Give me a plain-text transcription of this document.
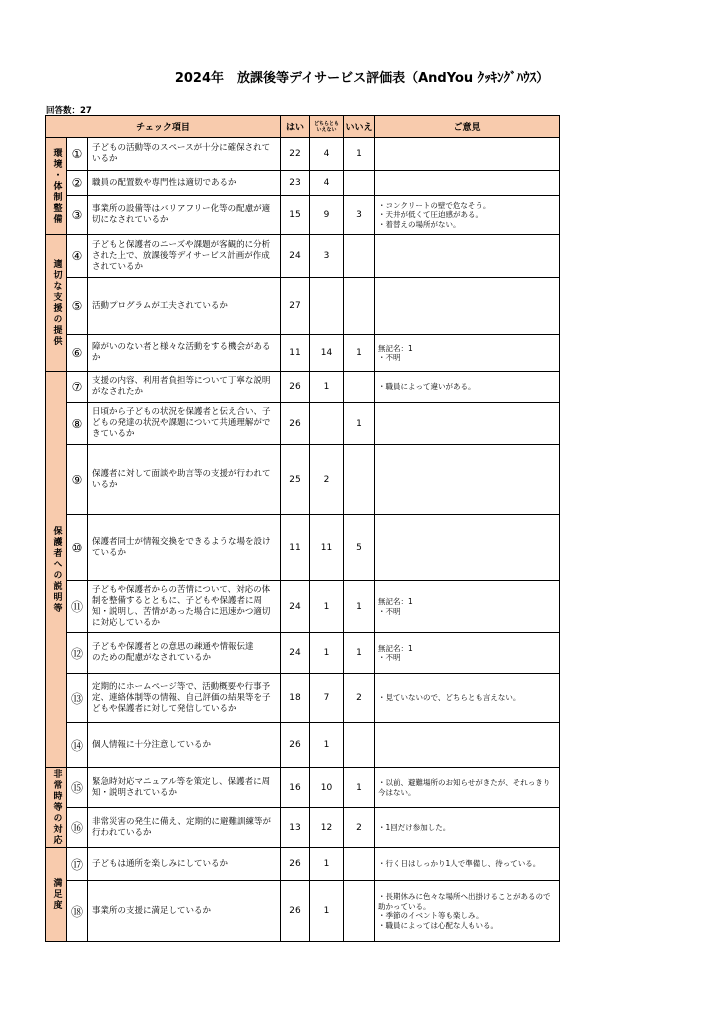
2024年　放課後等デイサービス評価表（AndYou ｸｯｷﾝｸﾞﾊｳｽ）
回答数：27
チェック項目			はい	どちらとも
いえない	いいえ	ご意見

環境・体制整備	①	子どもの活動等のスペースが十分に確保されているか	22	4	1	
	②	職員の配置数や専門性は適切であるか	23	4		
	③	事業所の設備等はバリアフリー化等の配慮が適切になされているか	15	9	3	・コンクリートの壁で危なそう。
・天井が低くて圧迫感がある。
・着替えの場所がない。

適切な支援の提供	④	子どもと保護者のニーズや課題が客観的に分析された上で、放課後等デイサービス計画が作成されているか	24	3		
	⑤	活動プログラムが工夫されているか	27			
	⑥	障がいのない者と様々な活動をする機会があるか	11	14	1	無記名：1
・不明

保護者への説明等	⑦	支援の内容、利用者負担等について丁寧な説明がなされたか	26	1		・職員によって違いがある。
	⑧	日頃から子どもの状況を保護者と伝え合い、子どもの発達の状況や課題について共通理解ができているか	26		1	
	⑨	保護者に対して面談や助言等の支援が行われているか	25	2		
	⑩	保護者同士が情報交換をできるような場を設けているか	11	11	5	
	⑪	子どもや保護者からの苦情について、対応の体制を整備するとともに、子どもや保護者に周知・説明し、苦情があった場合に迅速かつ適切に対応しているか	24	1	1	無記名：1
・不明
	⑫	子どもや保護者との意思の疎通や情報伝達
のための配慮がなされているか	24	1	1	無記名：1
・不明
	⑬	定期的にホームページ等で、活動概要や行事予定、連絡体制等の情報、自己評価の結果等を子どもや保護者に対して発信しているか	18	7	2	・見ていないので、どちらとも言えない。
	⑭	個人情報に十分注意しているか	26	1		

非常時等の対応	⑮	緊急時対応マニュアル等を策定し、保護者に周知・説明されているか	16	10	1	・以前、避難場所のお知らせがきたが、それっきり今はない。
	⑯	非常災害の発生に備え、定期的に避難訓練等が行われているか	13	12	2	・1回だけ参加した。

満足度	⑰	子どもは通所を楽しみにしているか	26	1		・行く日はしっかり1人で準備し、待っている。
	⑱	事業所の支援に満足しているか	26	1		・長期休みに色々な場所へ出掛けることがあるので助かっている。
・季節のイベント等も楽しみ。
・職員によっては心配な人もいる。
